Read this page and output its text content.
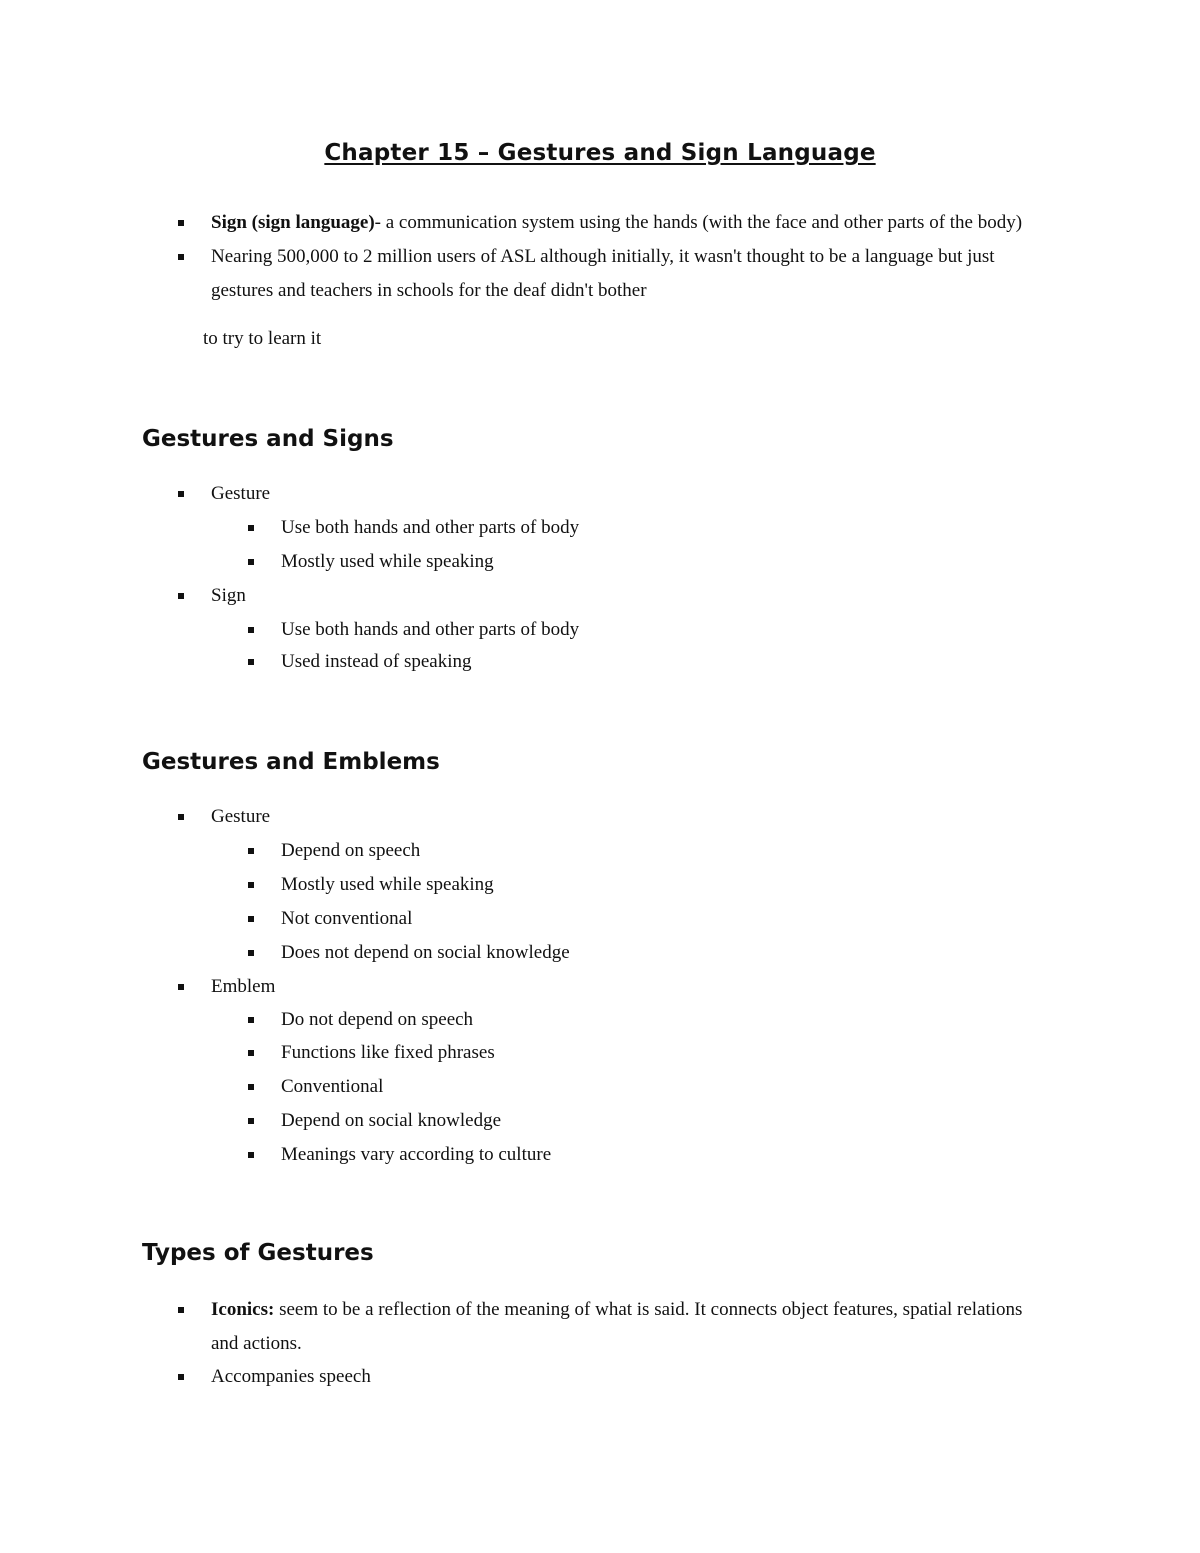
Chapter 15 – Gestures and Sign Language
Sign (sign language)- a communication system using the hands (with the face and other parts of the body)
Nearing 500,000 to 2 million users of ASL although initially, it wasn't thought to be a language but just
gestures and teachers in schools for the deaf didn't bother
to try to learn it
Gestures and Signs
Gesture
Use both hands and other parts of body
Mostly used while speaking
Sign
Use both hands and other parts of body
Used instead of speaking
Gestures and Emblems
Gesture
Depend on speech
Mostly used while speaking
Not conventional
Does not depend on social knowledge
Emblem
Do not depend on speech
Functions like fixed phrases
Conventional
Depend on social knowledge
Meanings vary according to culture
Types of Gestures
Iconics: seem to be a reflection of the meaning of what is said. It connects object features, spatial relations
and actions.
Accompanies speech
